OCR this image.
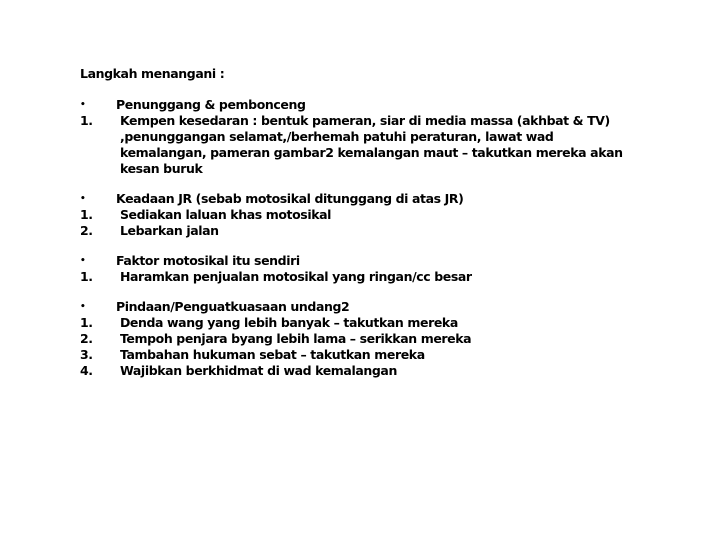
Langkah menangani :
•	Penunggang & pembonceng
1.	Kempen kesedaran : bentuk pameran, siar di media massa (akhbat & TV)
,penunggangan selamat,/berhemah patuhi peraturan, lawat wad
kemalangan, pameran gambar2 kemalangan maut – takutkan mereka akan
kesan buruk
•	Keadaan JR (sebab motosikal ditunggang di atas JR)
1.	Sediakan laluan khas motosikal
2.	Lebarkan jalan
•	Faktor motosikal itu sendiri
1.	Haramkan penjualan motosikal yang ringan/cc besar
•	Pindaan/Penguatkuasaan undang2
1.	Denda wang yang lebih banyak – takutkan mereka
2.	Tempoh penjara byang lebih lama – serikkan mereka
3.	Tambahan hukuman sebat – takutkan mereka
4.	Wajibkan berkhidmat di wad kemalangan
